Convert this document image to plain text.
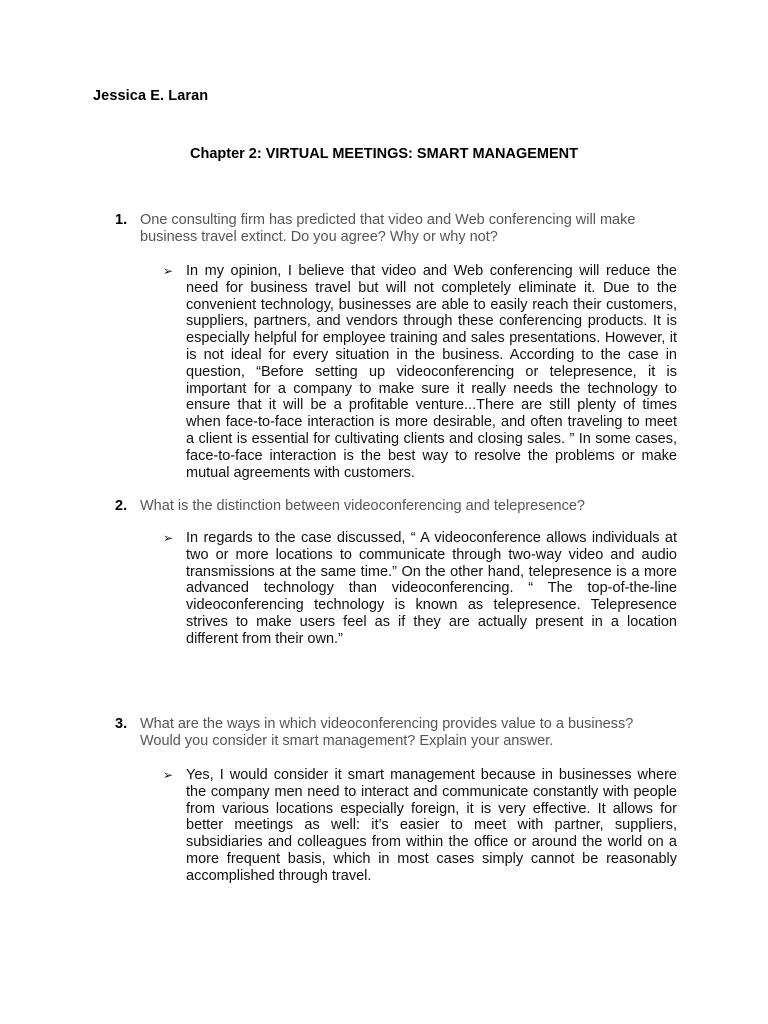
Jessica E. Laran
Chapter 2: VIRTUAL MEETINGS: SMART MANAGEMENT
1. One consulting firm has predicted that video and Web conferencing will make business travel extinct. Do you agree? Why or why not?
➢ In my opinion, I believe that video and Web conferencing will reduce the need for business travel but will not completely eliminate it. Due to the convenient technology, businesses are able to easily reach their customers, suppliers, partners, and vendors through these conferencing products. It is especially helpful for employee training and sales presentations. However, it is not ideal for every situation in the business. According to the case in question, “Before setting up videoconferencing or telepresence, it is important for a company to make sure it really needs the technology to ensure that it will be a profitable venture...There are still plenty of times when face-to-face interaction is more desirable, and often traveling to meet a client is essential for cultivating clients and closing sales. ” In some cases, face-to-face interaction is the best way to resolve the problems or make mutual agreements with customers.
2. What is the distinction between videoconferencing and telepresence?
➢ In regards to the case discussed, “ A videoconference allows individuals at two or more locations to communicate through two-way video and audio transmissions at the same time.” On the other hand, telepresence is a more advanced technology than videoconferencing. “ The top-of-the-line videoconferencing technology is known as telepresence. Telepresence strives to make users feel as if they are actually present in a location different from their own.”
3. What are the ways in which videoconferencing provides value to a business? Would you consider it smart management? Explain your answer.
➢ Yes, I would consider it smart management because in businesses where the company men need to interact and communicate constantly with people from various locations especially foreign, it is very effective. It allows for better meetings as well: it’s easier to meet with partner, suppliers, subsidiaries and colleagues from within the office or around the world on a more frequent basis, which in most cases simply cannot be reasonably accomplished through travel.
